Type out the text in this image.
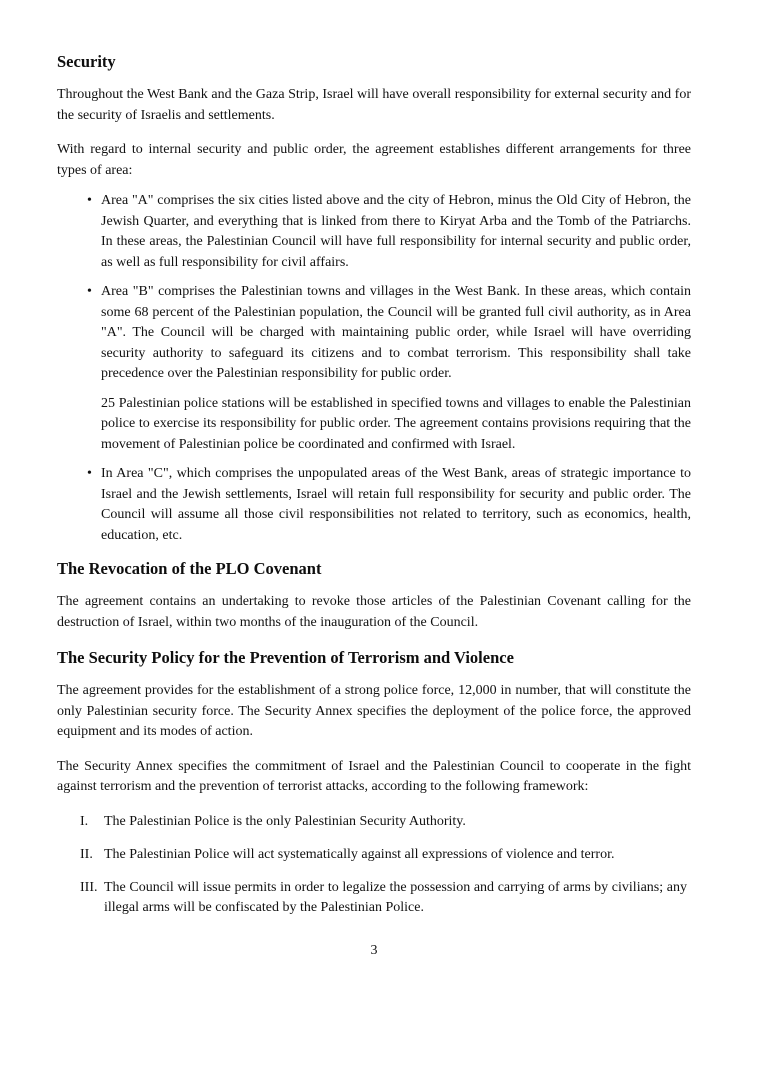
Security

Throughout the West Bank and the Gaza Strip, Israel will have overall responsibility for external security and for the security of Israelis and settlements.

With regard to internal security and public order, the agreement establishes different arrangements for three types of area:

• Area "A" comprises the six cities listed above and the city of Hebron, minus the Old City of Hebron, the Jewish Quarter, and everything that is linked from there to Kiryat Arba and the Tomb of the Patriarchs. In these areas, the Palestinian Council will have full responsibility for internal security and public order, as well as full responsibility for civil affairs.
• Area "B" comprises the Palestinian towns and villages in the West Bank. In these areas, which contain some 68 percent of the Palestinian population, the Council will be granted full civil authority, as in Area "A". The Council will be charged with maintaining public order, while Israel will have overriding security authority to safeguard its citizens and to combat terrorism. This responsibility shall take precedence over the Palestinian responsibility for public order.
25 Palestinian police stations will be established in specified towns and villages to enable the Palestinian police to exercise its responsibility for public order. The agreement contains provisions requiring that the movement of Palestinian police be coordinated and confirmed with Israel.
• In Area "C", which comprises the unpopulated areas of the West Bank, areas of strategic importance to Israel and the Jewish settlements, Israel will retain full responsibility for security and public order. The Council will assume all those civil responsibilities not related to territory, such as economics, health, education, etc.
The Revocation of the PLO Covenant

The agreement contains an undertaking to revoke those articles of the Palestinian Covenant calling for the destruction of Israel, within two months of the inauguration of the Council.

The Security Policy for the Prevention of Terrorism and Violence

The agreement provides for the establishment of a strong police force, 12,000 in number, that will constitute the only Palestinian security force. The Security Annex specifies the deployment of the police force, the approved equipment and its modes of action.

The Security Annex specifies the commitment of Israel and the Palestinian Council to cooperate in the fight against terrorism and the prevention of terrorist attacks, according to the following framework:

I.	The Palestinian Police is the only Palestinian Security Authority.
II. The Palestinian Police will act systematically against all expressions of violence and terror.
III. The Council will issue permits in order to legalize the possession and carrying of arms by civilians; any illegal arms will be confiscated by the Palestinian Police.
3
